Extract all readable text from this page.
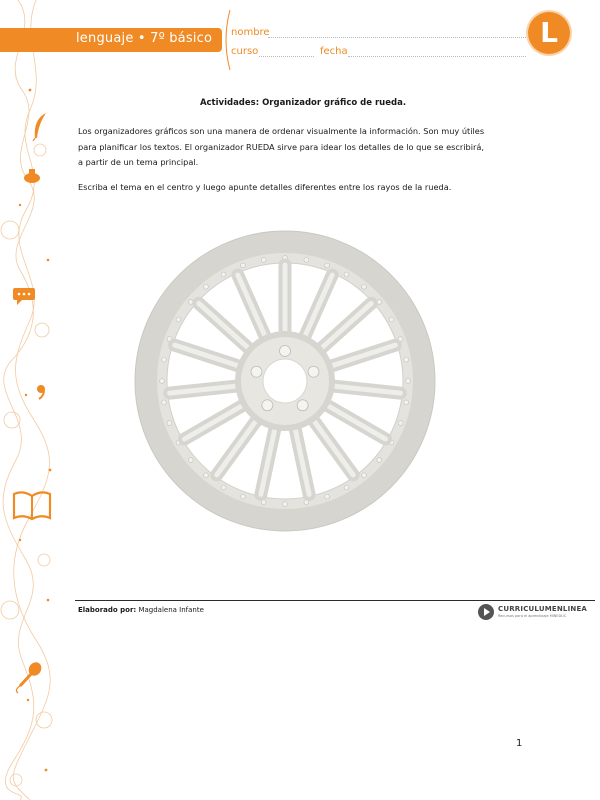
lenguaje • 7º básico nombre
curso	fecha
L
Actividades: Organizador gráfico de rueda.

Los organizadores gráficos son una manera de ordenar visualmente la información. Son muy útiles

para planificar los textos. El organizador RUEDA sirve para idear los detalles de lo que se escribirá,

a partir de un tema principal.

Escriba el tema en el centro y luego apunte detalles diferentes entre los rayos de la rueda.

Elaborado por: Magdalena Infante	CURRICULUMENLINEA
Recursos para el aprendizaje MINEDUC
1
